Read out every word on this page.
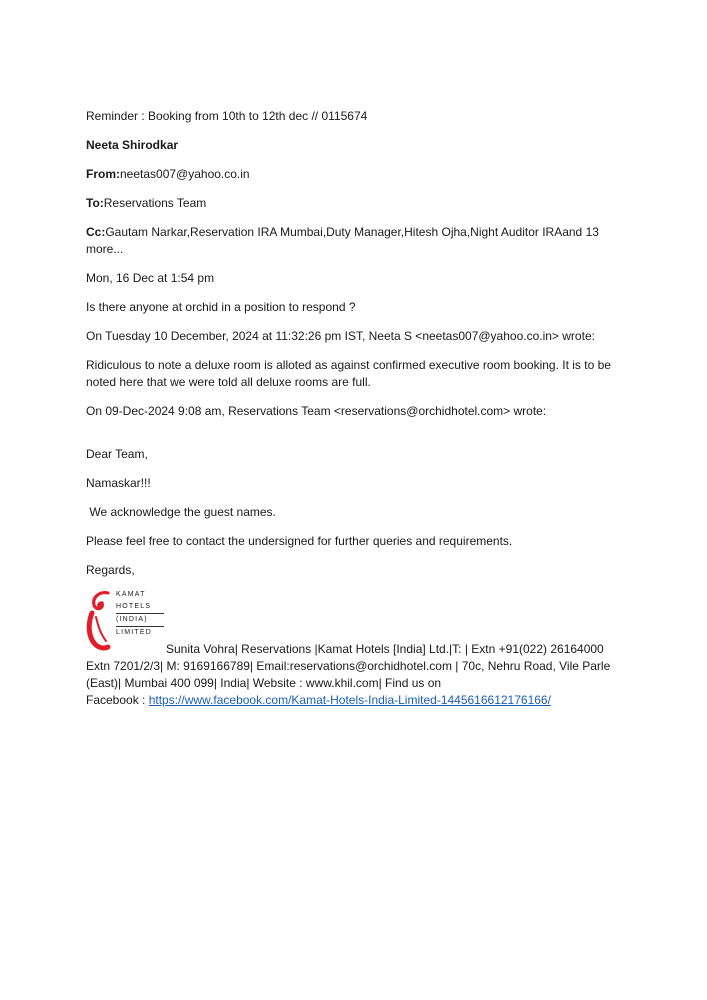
Reminder : Booking from 10th to 12th dec // 0115674

Neeta Shirodkar

From:neetas007@yahoo.co.in

To:Reservations Team

Cc:Gautam Narkar,Reservation IRA Mumbai,Duty Manager,Hitesh Ojha,Night Auditor IRAand 13 more...

Mon, 16 Dec at 1:54 pm

Is there anyone at orchid in a position to respond ?

On Tuesday 10 December, 2024 at 11:32:26 pm IST, Neeta S <neetas007@yahoo.co.in> wrote:

Ridiculous to note a deluxe room is alloted as against confirmed executive room booking. It is to be noted here that we were told all deluxe rooms are full.

On 09-Dec-2024 9:08 am, Reservations Team <reservations@orchidhotel.com> wrote:

Dear Team,

Namaskar!!!

We acknowledge the guest names.

Please feel free to contact the undersigned for further queries and requirements.

Regards,

KAMAT
HOTELS
(INDIA)
LIMITED
Sunita Vohra| Reservations |Kamat Hotels [India] Ltd.|T: | Extn +91(022) 26164000
Extn 7201/2/3| M: 9169166789| Email:reservations@orchidhotel.com | 70c, Nehru Road, Vile Parle
(East)| Mumbai 400 099| India| Website : www.khil.com| Find us on
Facebook : https://www.facebook.com/Kamat-Hotels-India-Limited-1445616612176166/
